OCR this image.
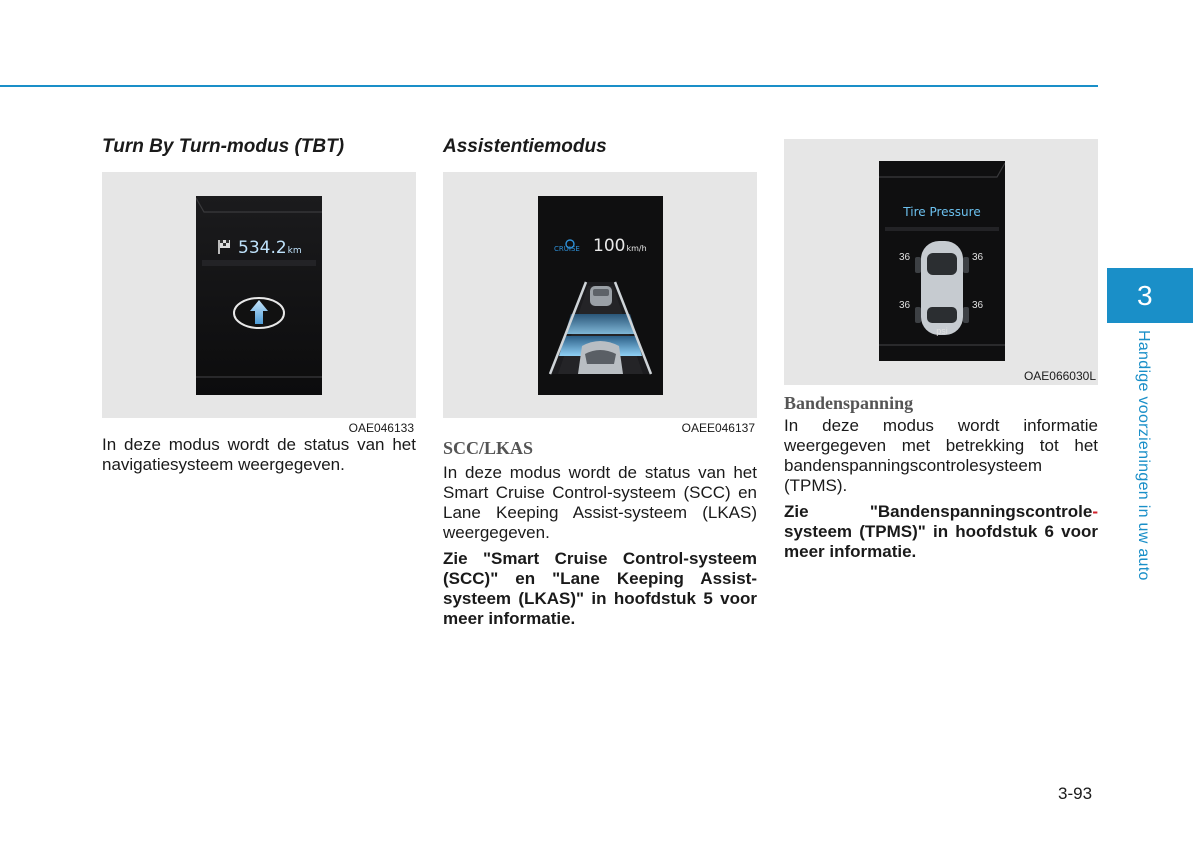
Turn By Turn-modus (TBT)
534.2km
OAE046133

In deze modus wordt de status van het navigatiesysteem weergegeven.

Assistentiemodus
CRUISE 100km/h
OAEE046137

SCC/LKAS

In deze modus wordt de status van het Smart Cruise Control-systeem (SCC) en Lane Keeping Assist-systeem (LKAS) weergegeven.

Zie "Smart Cruise Control-systeem (SCC)" en "Lane Keeping Assist-systeem (LKAS)" in hoofdstuk 5 voor meer informatie.

Tire Pressure
36	36
36	36
psi
OAE066030L

Bandenspanning

In deze modus wordt informatie weergegeven met betrekking tot het bandenspanningscontrolesysteem (TPMS).

Zie "Bandenspanningscontrole- systeem (TPMS)" in hoofdstuk 6 voor meer informatie.

3
Handige voorzieningen in uw auto
3-93
